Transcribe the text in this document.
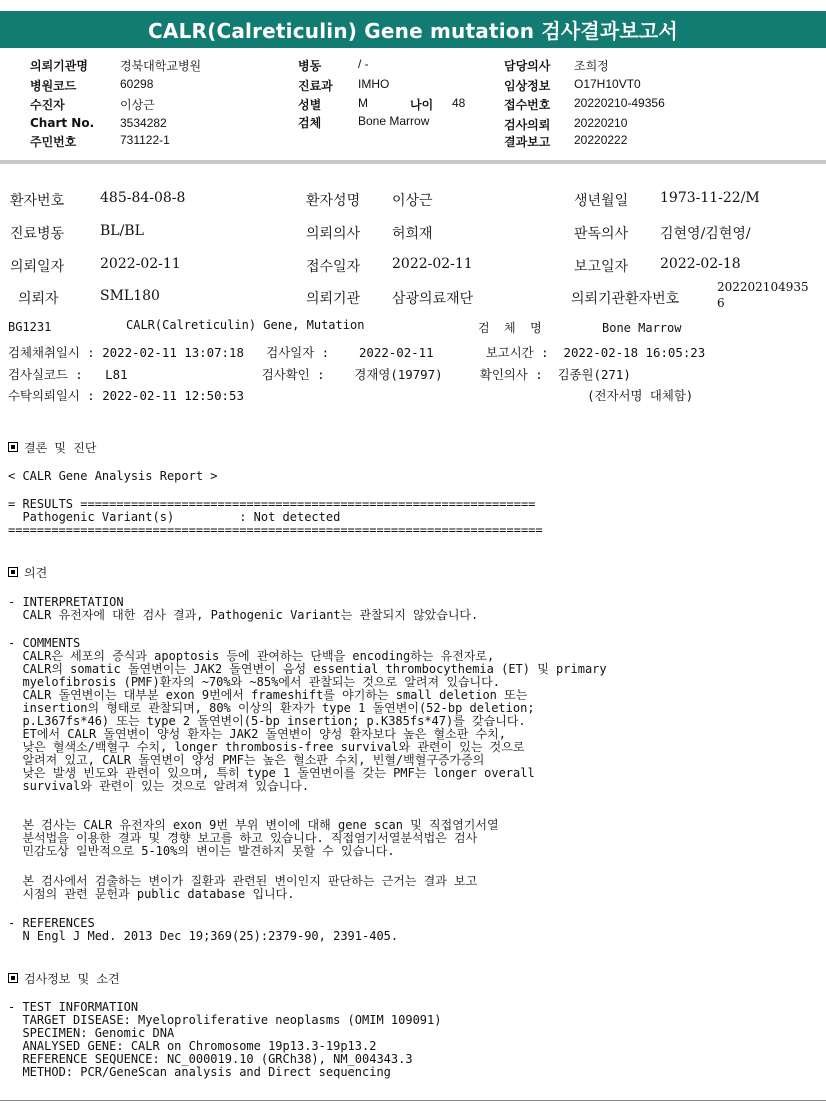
CALR(Calreticulin) Gene mutation 검사결과보고서
의뢰기관명	경북대학교병원
병원코드	60298
수진자	이상근
Chart No. 3534282
주민번호	731122-1
병동	/ -
진료과 IMHO
성별	M	나이 48
검체	Bone Marrow
담당의사 조희정
임상정보 O17H10VT0
접수번호 20220210-49356
검사의뢰 20220210
결과보고 20220222
환자번호	485-84-08-8	환자성명 이상근	생년월일 1973-11-22/M
진료병동	BL/BL	의뢰의사 허희재	판독의사 김현영/김현영/
의뢰일자	2022-02-11	접수일자 2022-02-11	보고일자 2022-02-18
의뢰자	SML180	의뢰기관 삼광의료재단	의뢰기관환자번호
202202104935
6
BG1231	CALR(Calreticulin) Gene, Mutation	검  체  명	Bone Marrow
검체채취일시 : 2022-02-11 13:07:18   검사일자 :    2022-02-11       보고시간 :  2022-02-18 16:05:23
검사실코드 :   L81                  검사확인 :    경재영(19797)     확인의사 :  김종원(271)
수탁의뢰일시 : 2022-02-11 12:50:53                                              (전자서명 대체함)
결론 및 진단
< CALR Gene Analysis Report >
= RESULTS ===============================================================
Pathogenic Variant(s)         : Not detected
==========================================================================
의견
- INTERPRETATION
CALR 유전자에 대한 검사 결과, Pathogenic Variant는 관찰되지 않았습니다.
- COMMENTS
CALR은 세포의 증식과 apoptosis 등에 관여하는 단백을 encoding하는 유전자로,
CALR의 somatic 돌연변이는 JAK2 돌연변이 음성 essential thrombocythemia (ET) 및 primary
myelofibrosis (PMF)환자의 ~70%와 ~85%에서 관찰되는 것으로 알려져 있습니다.
CALR 돌연변이는 대부분 exon 9번에서 frameshift를 야기하는 small deletion 또는
insertion의 형태로 관찰되며, 80% 이상의 환자가 type 1 돌연변이(52-bp deletion;
p.L367fs*46) 또는 type 2 돌연변이(5-bp insertion; p.K385fs*47)를 갖습니다.
ET에서 CALR 돌연변이 양성 환자는 JAK2 돌연변이 양성 환자보다 높은 혈소판 수치,
낮은 혈색소/백혈구 수치, longer thrombosis-free survival와 관련이 있는 것으로
알려져 있고, CALR 돌연변이 양성 PMF는 높은 혈소판 수치, 빈혈/백혈구증가증의
낮은 발생 빈도와 관련이 있으며, 특히 type 1 돌연변이를 갖는 PMF는 longer overall
survival와 관련이 있는 것으로 알려져 있습니다.
본 검사는 CALR 유전자의 exon 9번 부위 변이에 대해 gene scan 및 직접염기서열
분석법을 이용한 결과 및 경향 보고를 하고 있습니다. 직접염기서열분석법은 검사
민감도상 일반적으로 5-10%의 변이는 발견하지 못할 수 있습니다.
본 검사에서 검출하는 변이가 질환과 관련된 변이인지 판단하는 근거는 결과 보고
시점의 관련 문헌과 public database 입니다.
- REFERENCES
N Engl J Med. 2013 Dec 19;369(25):2379-90, 2391-405.
검사정보 및 소견
- TEST INFORMATION
TARGET DISEASE: Myeloproliferative neoplasms (OMIM 109091)
SPECIMEN: Genomic DNA
ANALYSED GENE: CALR on Chromosome 19p13.3-19p13.2
REFERENCE SEQUENCE: NC_000019.10 (GRCh38), NM_004343.3
METHOD: PCR/GeneScan analysis and Direct sequencing
